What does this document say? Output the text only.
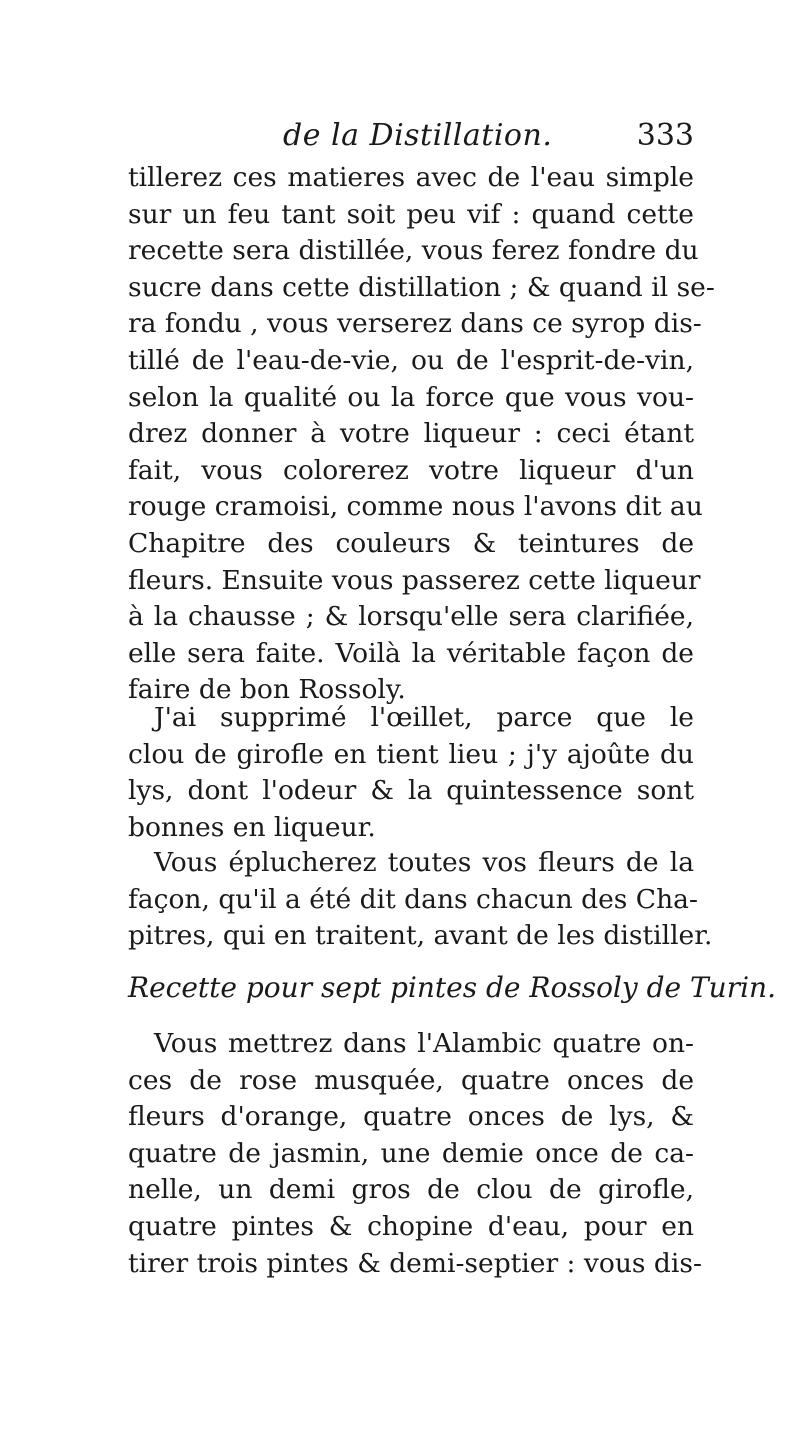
de la Distillation.	333
tillerez ces matieres avec de l'eau simple
sur un feu tant soit peu vif : quand cette
recette sera distillée, vous ferez fondre du
sucre dans cette distillation ; & quand il se-
ra fondu , vous verserez dans ce syrop dis-
tillé de l'eau-de-vie, ou de l'esprit-de-vin,
selon la qualité ou la force que vous vou-
drez donner à votre liqueur : ceci étant
fait, vous colorerez votre liqueur d'un
rouge cramoisi, comme nous l'avons dit au
Chapitre des couleurs & teintures de
fleurs. Ensuite vous passerez cette liqueur
à la chausse ; & lorsqu'elle sera clarifiée,
elle sera faite. Voilà la véritable façon de
faire de bon Rossoly.
J'ai supprimé l'œillet, parce que le
clou de girofle en tient lieu ; j'y ajoûte du
lys, dont l'odeur & la quintessence sont
bonnes en liqueur.
Vous éplucherez toutes vos fleurs de la
façon, qu'il a été dit dans chacun des Cha-
pitres, qui en traitent, avant de les distiller.
Recette pour sept pintes de Rossoly de Turin.
Vous mettrez dans l'Alambic quatre on-
ces de rose musquée, quatre onces de
fleurs d'orange, quatre onces de lys, &
quatre de jasmin, une demie once de ca-
nelle, un demi gros de clou de girofle,
quatre pintes & chopine d'eau, pour en
tirer trois pintes & demi-septier : vous dis-
